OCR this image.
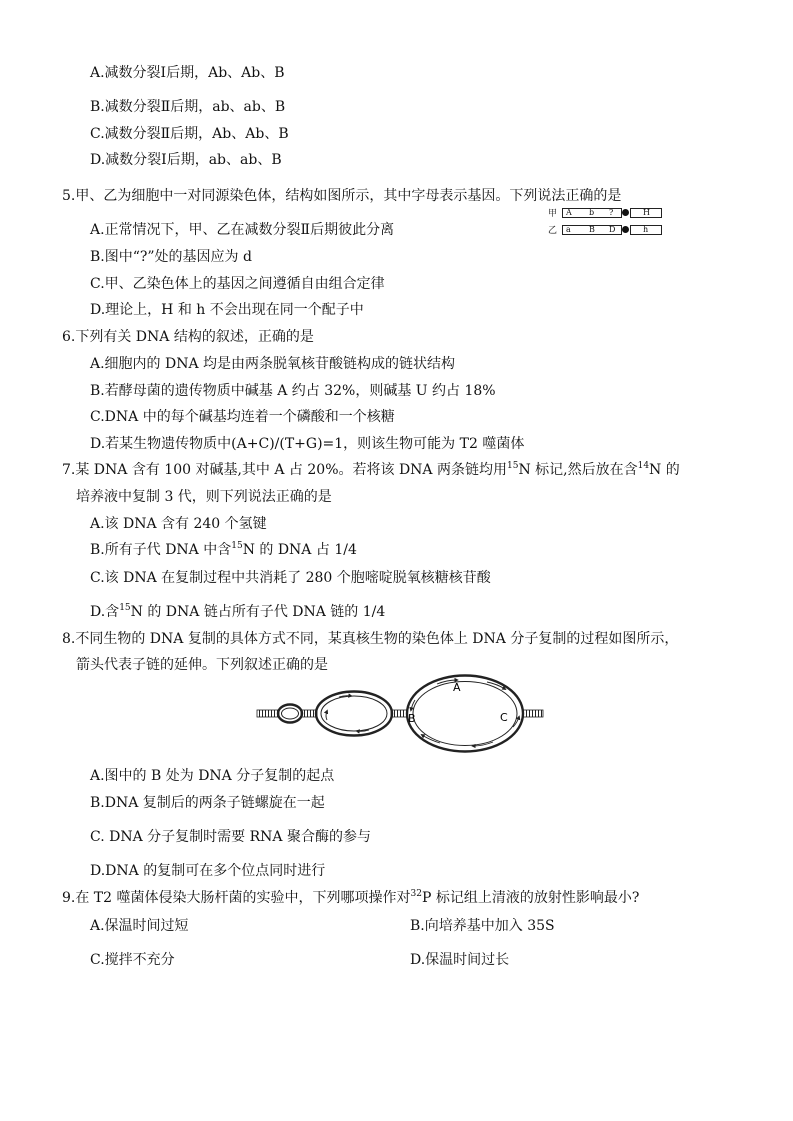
A.减数分裂Ⅰ后期，Ab、Ab、B
B.减数分裂Ⅱ后期，ab、ab、B
C.减数分裂Ⅱ后期，Ab、Ab、B
D.减数分裂Ⅰ后期，ab、ab、B
5.甲、乙为细胞中一对同源染色体，结构如图所示，其中字母表示基因。下列说法正确的是
A.正常情况下，甲、乙在减数分裂Ⅱ后期彼此分离
B.图中“?”处的基因应为 d
C.甲、乙染色体上的基因之间遵循自由组合定律
D.理论上，H 和 h 不会出现在同一个配子中
甲 A b ?	H
乙 a B D	h
6.下列有关 DNA 结构的叙述，正确的是
A.细胞内的 DNA 均是由两条脱氧核苷酸链构成的链状结构
B.若酵母菌的遗传物质中碱基 A 约占 32%，则碱基 U 约占 18%
C.DNA 中的每个碱基均连着一个磷酸和一个核糖
D.若某生物遗传物质中(A+C)/(T+G)=1，则该生物可能为 T2 噬菌体
7.某 DNA 含有 100 对碱基,其中 A 占 20%。若将该 DNA 两条链均用$^{15}$N 标记,然后放在含$^{14}$N 的
培养液中复制 3 代，则下列说法正确的是
A.该 DNA 含有 240 个氢键
B.所有子代 DNA 中含$^{15}$N 的 DNA 占 1/4
C.该 DNA 在复制过程中共消耗了 280 个胞嘧啶脱氧核糖核苷酸
D.含$^{15}$N 的 DNA 链占所有子代 DNA 链的 1/4
8.不同生物的 DNA 复制的具体方式不同，某真核生物的染色体上 DNA 分子复制的过程如图所示，
箭头代表子链的延伸。下列叙述正确的是
A
B	C
A.图中的 B 处为 DNA 分子复制的起点
B.DNA 复制后的两条子链螺旋在一起
C. DNA 分子复制时需要 RNA 聚合酶的参与
D.DNA 的复制可在多个位点同时进行
9.在 T2 噬菌体侵染大肠杆菌的实验中，下列哪项操作对$^{32}$P 标记组上清液的放射性影响最小?
A.保温时间过短	B.向培养基中加入 35S
C.搅拌不充分	D.保温时间过长
